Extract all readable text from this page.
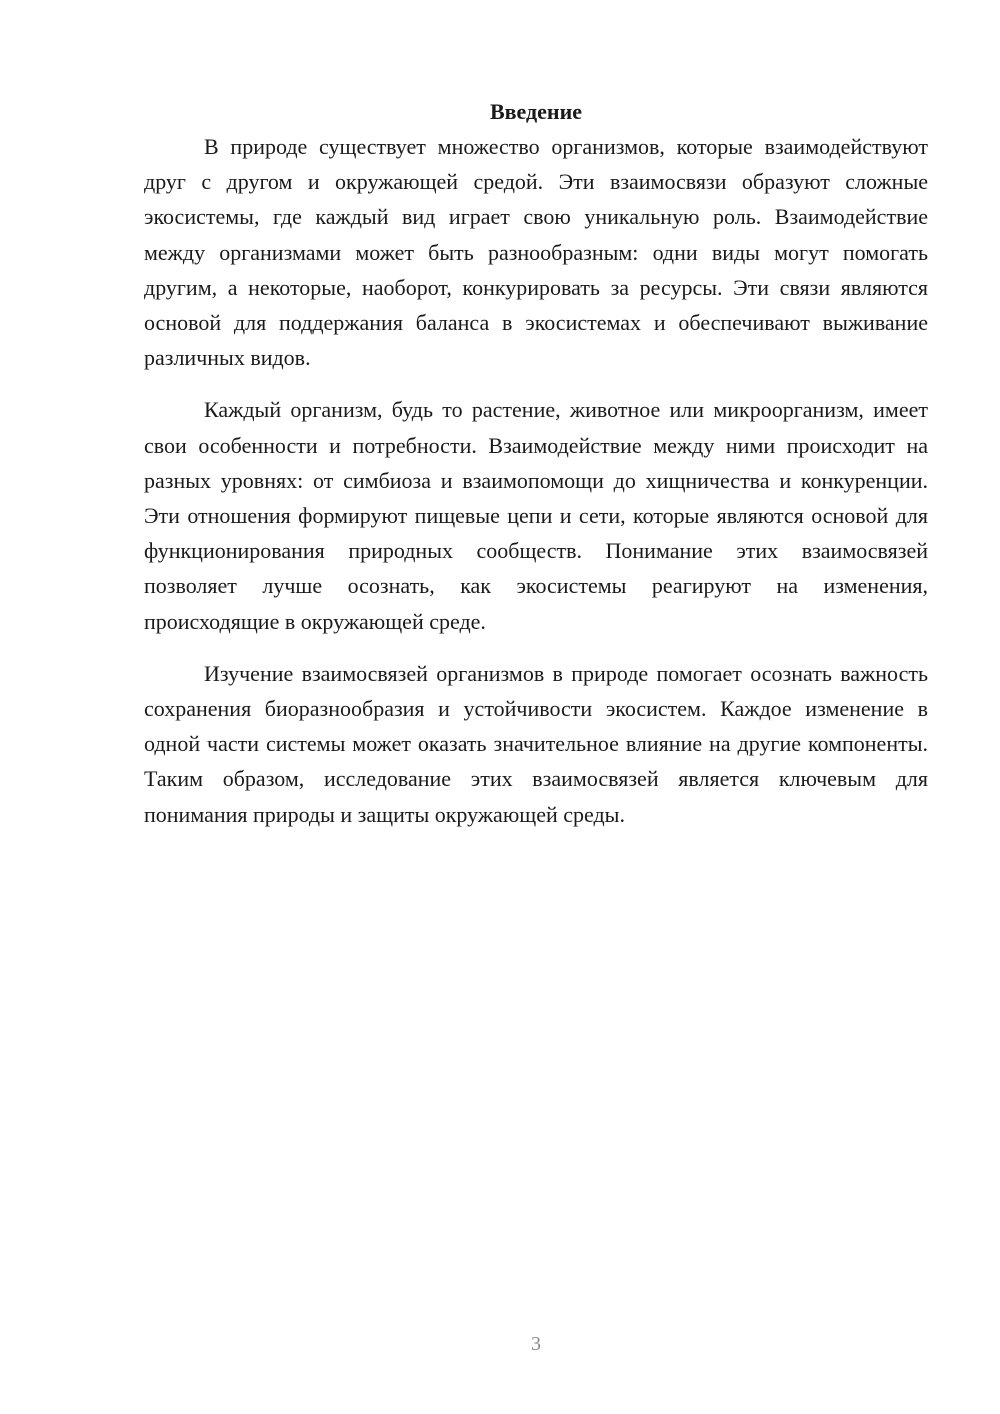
Введение

В природе существует множество организмов, которые взаимодействуют друг с другом и окружающей средой. Эти взаимосвязи образуют сложные экосистемы, где каждый вид играет свою уникальную роль. Взаимодействие между организмами может быть разнообразным: одни виды могут помогать другим, а некоторые, наоборот, конкурировать за ресурсы. Эти связи являются основой для поддержания баланса в экосистемах и обеспечивают выживание различных видов.

Каждый организм, будь то растение, животное или микроорганизм, имеет свои особенности и потребности. Взаимодействие между ними происходит на разных уровнях: от симбиоза и взаимопомощи до хищничества и конкуренции. Эти отношения формируют пищевые цепи и сети, которые являются основой для функционирования природных сообществ. Понимание этих взаимосвязей позволяет лучше осознать, как экосистемы реагируют на изменения, происходящие в окружающей среде.

Изучение взаимосвязей организмов в природе помогает осознать важность сохранения биоразнообразия и устойчивости экосистем. Каждое изменение в одной части системы может оказать значительное влияние на другие компоненты. Таким образом, исследование этих взаимосвязей является ключевым для понимания природы и защиты окружающей среды.

3
